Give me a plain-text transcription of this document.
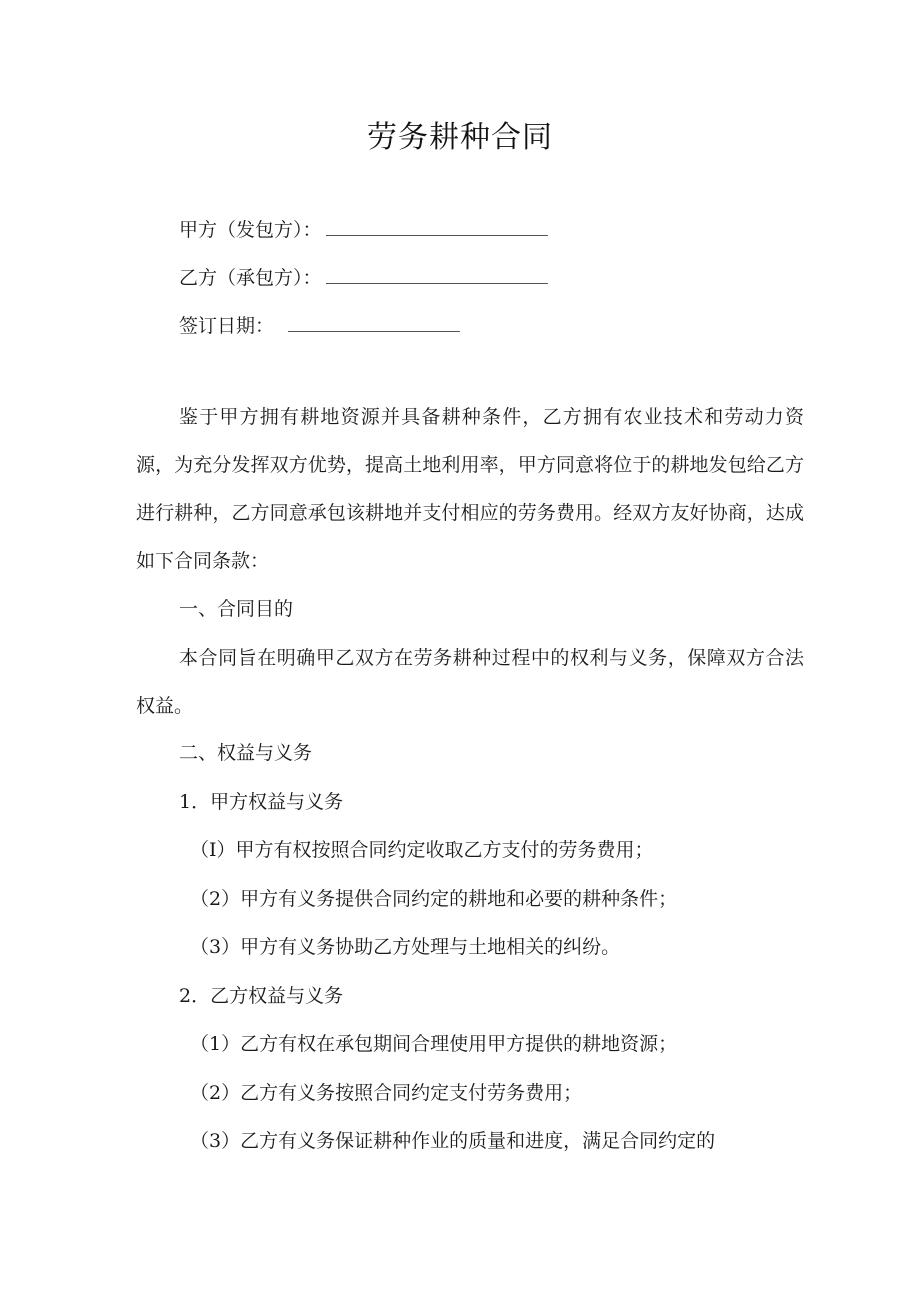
劳务耕种合同
甲方（发包方）：
乙方（承包方）：
签订日期：
鉴于甲方拥有耕地资源并具备耕种条件，乙方拥有农业技术和劳动力资源，为充分发挥双方优势，提高土地利用率，甲方同意将位于的耕地发包给乙方进行耕种，乙方同意承包该耕地并支付相应的劳务费用。经双方友好协商，达成如下合同条款：
一、合同目的
本合同旨在明确甲乙双方在劳务耕种过程中的权利与义务，保障双方合法权益。
二、权益与义务
1．甲方权益与义务
（I）甲方有权按照合同约定收取乙方支付的劳务费用；
（2）甲方有义务提供合同约定的耕地和必要的耕种条件；
（3）甲方有义务协助乙方处理与土地相关的纠纷。
2．乙方权益与义务
（1）乙方有权在承包期间合理使用甲方提供的耕地资源；
（2）乙方有义务按照合同约定支付劳务费用；
（3）乙方有义务保证耕种作业的质量和进度，满足合同约定的
